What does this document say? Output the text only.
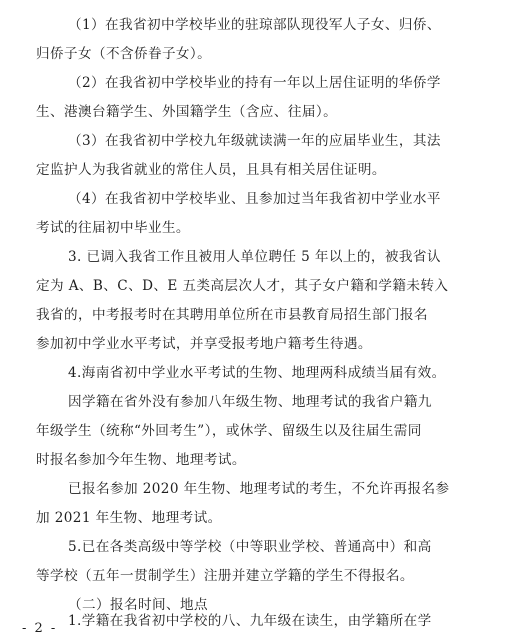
（1）在我省初中学校毕业的驻琼部队现役军人子女、归侨、
归侨子女（不含侨眷子女）。
（2）在我省初中学校毕业的持有一年以上居住证明的华侨学
生、港澳台籍学生、外国籍学生（含应、往届）。
（3）在我省初中学校九年级就读满一年的应届毕业生，其法
定监护人为我省就业的常住人员，且具有相关居住证明。
（4）在我省初中学校毕业、且参加过当年我省初中学业水平
考试的往届初中毕业生。
3. 已调入我省工作且被用人单位聘任 5 年以上的，被我省认
定为 A、B、C、D、E 五类高层次人才，其子女户籍和学籍未转入
我省的，中考报考时在其聘用单位所在市县教育局招生部门报名
参加初中学业水平考试，并享受报考地户籍考生待遇。
4.海南省初中学业水平考试的生物、地理两科成绩当届有效。
因学籍在省外没有参加八年级生物、地理考试的我省户籍九
年级学生（统称“外回考生”），或休学、留级生以及往届生需同
时报名参加今年生物、地理考试。
已报名参加 2020 年生物、地理考试的考生，不允许再报名参
加 2021 年生物、地理考试。
5.已在各类高级中等学校（中等职业学校、普通高中）和高
等学校（五年一贯制学生）注册并建立学籍的学生不得报名。
（二）报名时间、地点
1.学籍在我省初中学校的八、九年级在读生，由学籍所在学
- 2 -
